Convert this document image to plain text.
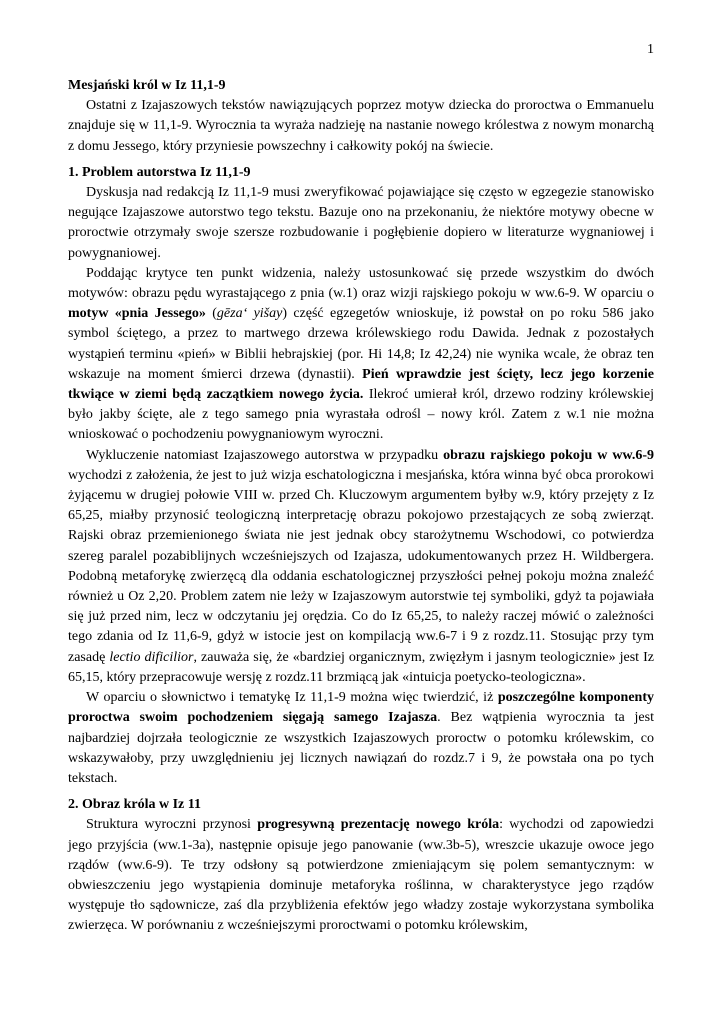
1

Mesjański król w Iz 11,1-9

Ostatni z Izajaszowych tekstów nawiązujących poprzez motyw dziecka do proroctwa o Emmanuelu znajduje się w 11,1-9. Wyrocznia ta wyraża nadzieję na nastanie nowego królestwa z nowym monarchą z domu Jessego, który przyniesie powszechny i całkowity pokój na świecie.

1. Problem autorstwa Iz 11,1-9

Dyskusja nad redakcją Iz 11,1-9 musi zweryfikować pojawiające się często w egzegezie stanowisko negujące Izajaszowe autorstwo tego tekstu. Bazuje ono na przekonaniu, że niektóre motywy obecne w proroctwie otrzymały swoje szersze rozbudowanie i pogłębienie dopiero w literaturze wygnaniowej i powygnaniowej.

Poddając krytyce ten punkt widzenia, należy ustosunkować się przede wszystkim do dwóch motywów: obrazu pędu wyrastającego z pnia (w.1) oraz wizji rajskiego pokoju w ww.6-9. W oparciu o motyw «pnia Jessego» (gēza‘ yišay) część egzegetów wnioskuje, iż powstał on po roku 586 jako symbol ściętego, a przez to martwego drzewa królewskiego rodu Dawida. Jednak z pozostałych wystąpień terminu «pień» w Biblii hebrajskiej (por. Hi 14,8; Iz 42,24) nie wynika wcale, że obraz ten wskazuje na moment śmierci drzewa (dynastii). Pień wprawdzie jest ścięty, lecz jego korzenie tkwiące w ziemi będą zaczątkiem nowego życia. Ilekroć umierał król, drzewo rodziny królewskiej było jakby ścięte, ale z tego samego pnia wyrastała odrośl – nowy król. Zatem z w.1 nie można wnioskować o pochodzeniu powygnaniowym wyroczni.

Wykluczenie natomiast Izajaszowego autorstwa w przypadku obrazu rajskiego pokoju w ww.6-9 wychodzi z założenia, że jest to już wizja eschatologiczna i mesjańska, która winna być obca prorokowi żyjącemu w drugiej połowie VIII w. przed Ch. Kluczowym argumentem byłby w.9, który przejęty z Iz 65,25, miałby przynosić teologiczną interpretację obrazu pokojowo przestających ze sobą zwierząt. Rajski obraz przemienionego świata nie jest jednak obcy starożytnemu Wschodowi, co potwierdza szereg paralel pozabiblijnych wcześniejszych od Izajasza, udokumentowanych przez H. Wildbergera. Podobną metaforykę zwierzęcą dla oddania eschatologicznej przyszłości pełnej pokoju można znaleźć również u Oz 2,20. Problem zatem nie leży w Izajaszowym autorstwie tej symboliki, gdyż ta pojawiała się już przed nim, lecz w odczytaniu jej orędzia. Co do Iz 65,25, to należy raczej mówić o zależności tego zdania od Iz 11,6-9, gdyż w istocie jest on kompilacją ww.6-7 i 9 z rozdz.11. Stosując przy tym zasadę lectio dificilior, zauważa się, że «bardziej organicznym, zwięzłym i jasnym teologicznie» jest Iz 65,15, który przepracowuje wersję z rozdz.11 brzmiącą jak «intuicja poetycko-teologiczna».

W oparciu o słownictwo i tematykę Iz 11,1-9 można więc twierdzić, iż poszczególne komponenty proroctwa swoim pochodzeniem sięgają samego Izajasza. Bez wątpienia wyrocznia ta jest najbardziej dojrzała teologicznie ze wszystkich Izajaszowych proroctw o potomku królewskim, co wskazywałoby, przy uwzględnieniu jej licznych nawiązań do rozdz.7 i 9, że powstała ona po tych tekstach.

2. Obraz króla w Iz 11

Struktura wyroczni przynosi progresywną prezentację nowego króla: wychodzi od zapowiedzi jego przyjścia (ww.1-3a), następnie opisuje jego panowanie (ww.3b-5), wreszcie ukazuje owoce jego rządów (ww.6-9). Te trzy odsłony są potwierdzone zmieniającym się polem semantycznym: w obwieszczeniu jego wystąpienia dominuje metaforyka roślinna, w charakterystyce jego rządów występuje tło sądownicze, zaś dla przybliżenia efektów jego władzy zostaje wykorzystana symbolika zwierzęca. W porównaniu z wcześniejszymi proroctwami o potomku królewskim,
